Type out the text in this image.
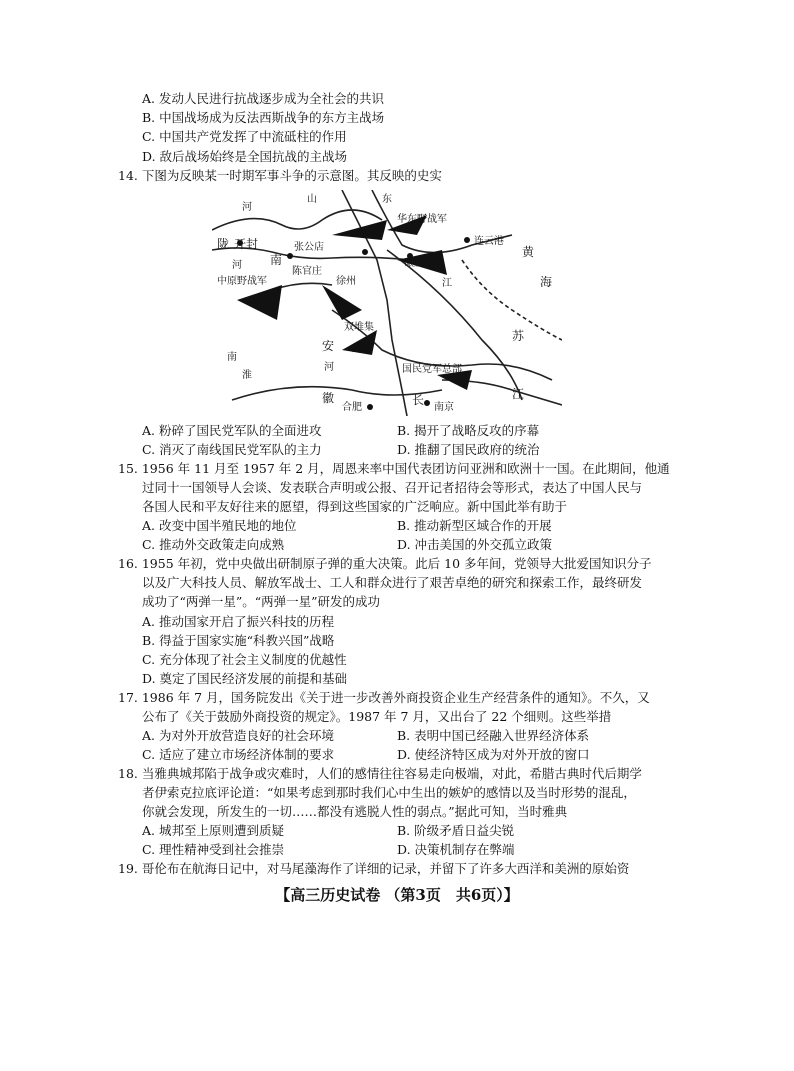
A. 发动人民进行抗战逐步成为全社会的共识
B. 中国战场成为反法西斯战争的东方主战场
C. 中国共产党发挥了中流砥柱的作用
D. 敌后战场始终是全国抗战的主战场
14. 下图为反映某一时期军事斗争的示意图。其反映的史实
山	东
河
华东野战军
陇 开封	张公店
陈官庄
徐州
碾庄
连云港
黄
海
南
河
中原野战军	江
双堆集
南
安 蚌埠
苏
淮
河	国民党军总部
徽
合肥
长
南京
江
A. 粉碎了国民党军队的全面进攻	B. 揭开了战略反攻的序幕
C. 消灭了南线国民党军队的主力	D. 推翻了国民政府的统治
15. 1956 年 11 月至 1957 年 2 月，周恩来率中国代表团访问亚洲和欧洲十一国。在此期间，他通
过同十一国领导人会谈、发表联合声明或公报、召开记者招待会等形式，表达了中国人民与
各国人民和平友好往来的愿望，得到这些国家的广泛响应。新中国此举有助于
A. 改变中国半殖民地的地位	B. 推动新型区域合作的开展
C. 推动外交政策走向成熟	D. 冲击美国的外交孤立政策
16. 1955 年初，党中央做出研制原子弹的重大决策。此后 10 多年间，党领导大批爱国知识分子
以及广大科技人员、解放军战士、工人和群众进行了艰苦卓绝的研究和探索工作，最终研发
成功了“两弹一星”。“两弹一星”研发的成功
A. 推动国家开启了振兴科技的历程
B. 得益于国家实施“科教兴国”战略
C. 充分体现了社会主义制度的优越性
D. 奠定了国民经济发展的前提和基础
17. 1986 年 7 月，国务院发出《关于进一步改善外商投资企业生产经营条件的通知》。不久，又
公布了《关于鼓励外商投资的规定》。1987 年 7 月，又出台了 22 个细则。这些举措
A. 为对外开放营造良好的社会环境	B. 表明中国已经融入世界经济体系
C. 适应了建立市场经济体制的要求	D. 使经济特区成为对外开放的窗口
18. 当雅典城邦陷于战争或灾难时，人们的感情往往容易走向极端，对此，希腊古典时代后期学
者伊索克拉底评论道：“如果考虑到那时我们心中生出的嫉妒的感情以及当时形势的混乱，
你就会发现，所发生的一切……都没有逃脱人性的弱点。”据此可知，当时雅典
A. 城邦至上原则遭到质疑	B. 阶级矛盾日益尖锐
C. 理性精神受到社会推崇	D. 决策机制存在弊端
19. 哥伦布在航海日记中，对马尾藻海作了详细的记录，并留下了许多大西洋和美洲的原始资
【高三历史试卷 （第3页　共6页）】
